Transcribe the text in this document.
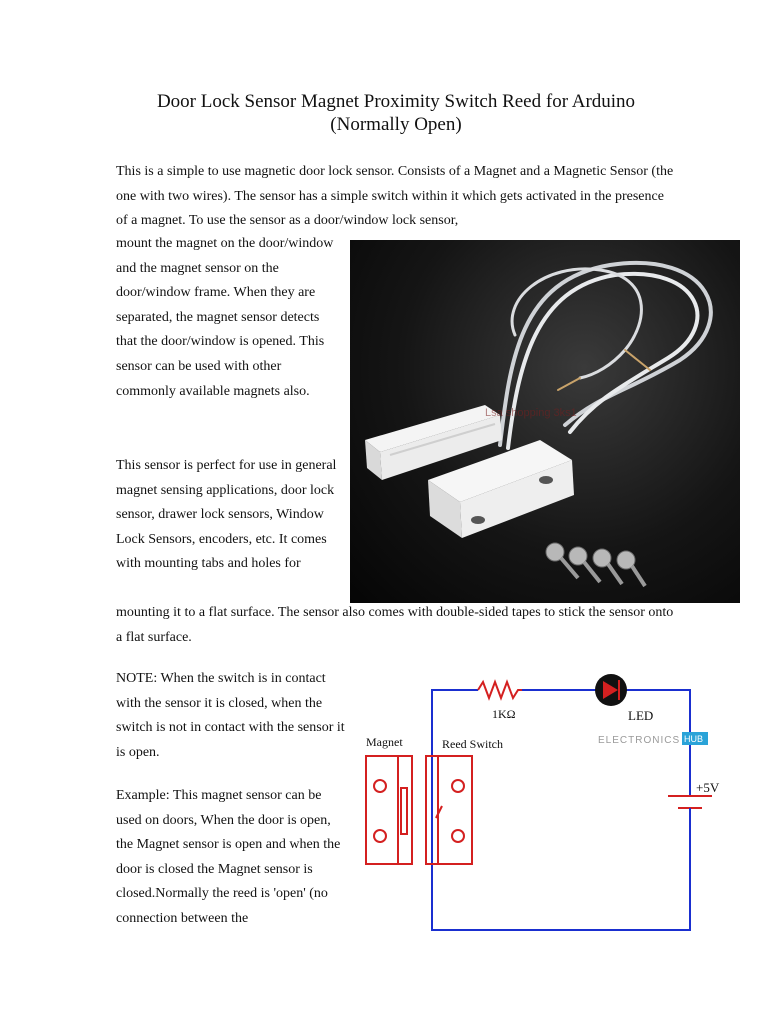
Door Lock Sensor Magnet Proximity Switch Reed for Arduino
(Normally Open)

This is a simple to use magnetic door lock sensor. Consists of a Magnet and a Magnetic Sensor (the one with two wires). The sensor has a simple switch within it which gets activated in the presence of a magnet. To use the sensor as a door/window lock sensor,

mount the magnet on the door/window and the magnet sensor on the door/window frame. When they are separated, the magnet sensor detects that the door/window is opened. This sensor can be used with other commonly available magnets also.

This sensor is perfect for use in general magnet sensing applications, door lock sensor, drawer lock sensors, Window Lock Sensors, encoders, etc. It comes with mounting tabs and holes for

mounting it to a flat surface. The sensor also comes with double-sided tapes to stick the sensor onto a flat surface.

NOTE: When the switch is in contact with the sensor it is closed, when the switch is not in contact with the sensor it is open.

Example: This magnet sensor can be used on doors, When the door is open, the Magnet sensor is open and when the door is closed the Magnet sensor is closed.Normally the reed is 'open' (no connection between the

Lsa shopping 3ks1
1KΩ	LED
ELECTRONICS HUB
+5V
Magnet	Reed Switch
